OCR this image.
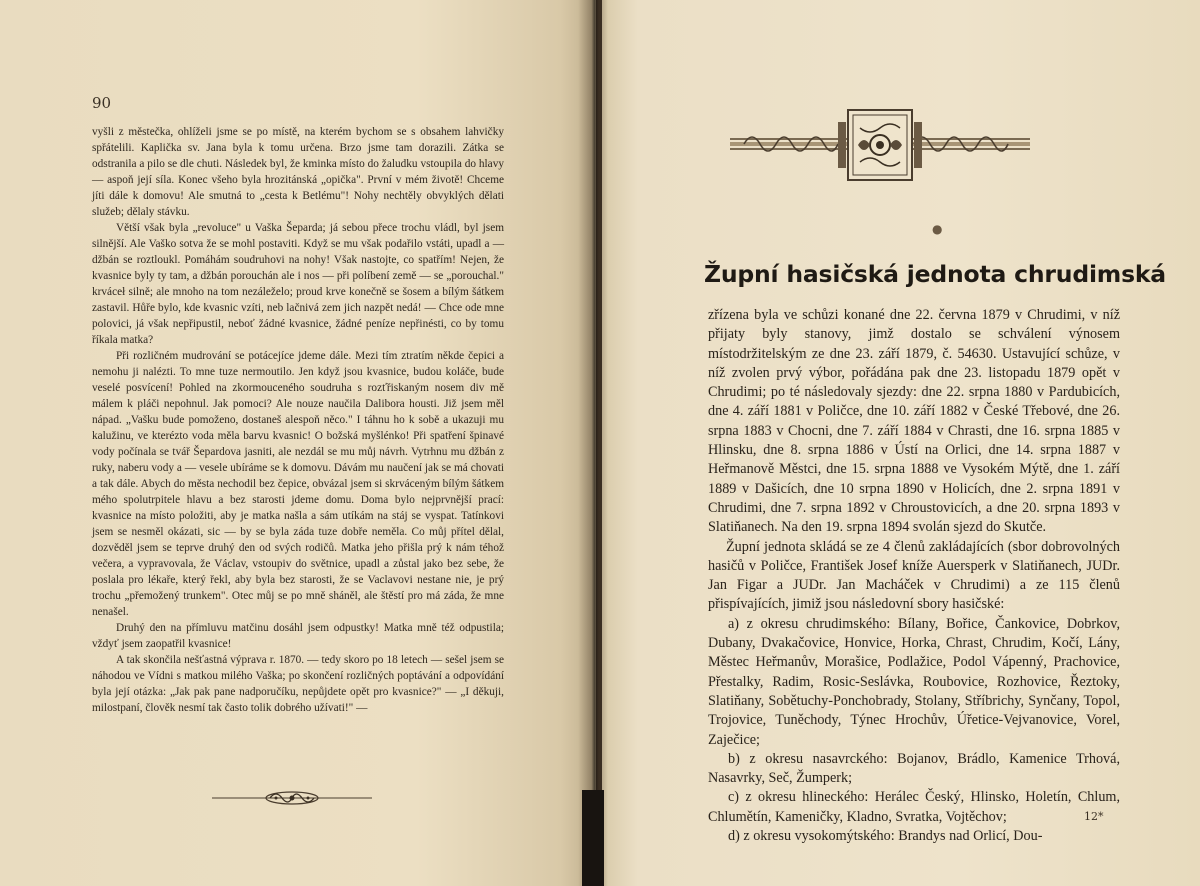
90

vyšli z městečka, ohlíželi jsme se po místě, na kterém bychom se s obsahem lahvičky spřátelili. Kaplička sv. Jana byla k tomu určena. Brzo jsme tam dorazili. Zátka se odstranila a pilo se dle chuti. Následek byl, že kminka místo do žaludku vstoupila do hlavy — aspoň její síla. Konec všeho byla hrozitánská „opička". První v mém životě! Chceme jíti dále k domovu! Ale smutná to „cesta k Betlému"! Nohy nechtěly obvyklých dělati služeb; dělaly stávku.

Větší však byla „revoluce" u Vaška Šeparda; já sebou přece trochu vládl, byl jsem silnější. Ale Vaško sotva že se mohl postaviti. Když se mu však podařilo vstáti, upadl a — džbán se roztloukl. Pomáhám soudruhovi na nohy! Však nastojte, co spatřím! Nejen, že kvasnice byly ty tam, a džbán porouchán ale i nos — při políbení země — se „porouchal." krváceł silně; ale mnoho na tom nezáleželo; proud krve konečně se šosem a bílým šátkem zastavil. Hůře bylo, kde kvasnic vzíti, neb lačnivá zem jich nazpět nedá! — Chce ode mne polovici, já však nepřipustil, neboť žádné kvasnice, žádné peníze nepřinésti, co by tomu říkala matka?

Při rozličném mudrování se potácejíce jdeme dále. Mezi tím ztratím někde čepici a nemohu ji nalézti. To mne tuze nermoutilo. Jen když jsou kvasnice, budou koláče, bude veselé posvícení! Pohled na zkormouceného soudruha s rozťřiskaným nosem div mě málem k pláči nepohnul. Jak pomoci? Ale nouze naučila Dalibora housti. Již jsem měl nápad. „Vašku bude pomoženo, dostaneš alespoň něco." I táhnu ho k sobě a ukazuji mu kalužinu, ve kterézto voda měla barvu kvasnic! O božská myšlénko! Při spatření špinavé vody počínala se tvář Šepardova jasniti, ale nezdál se mu můj návrh. Vytrhnu mu džbán z ruky, naberu vody a — vesele ubíráme se k domovu. Dávám mu naučení jak se má chovati a tak dále. Abych do města nechodil bez čepice, obvázal jsem si skrváceným bílým šátkem mého spolutrpitele hlavu a bez starosti jdeme domu. Doma bylo nejprvnější prací: kvasnice na místo položiti, aby je matka našla a sám utíkám na stáj se vyspat. Tatínkovi jsem se nesměl okázati, sic — by se byla záda tuze dobře neměla. Co můj přítel dělal, dozvěděl jsem se teprve druhý den od svých rodičů. Matka jeho přišla prý k nám téhož večera, a vypravovala, že Václav, vstoupiv do světnice, upadl a zůstal jako bez sebe, že poslala pro lékaře, který řekl, aby byla bez starosti, že se Vaclavovi nestane nie, je prý trochu „přemožený trunkem". Otec můj se po mně sháněl, ale štěstí pro má záda, že mne nenašel.

Druhý den na přímluvu matčinu dosáhl jsem odpustky! Matka mně též odpustila; vždyť jsem zaopatřil kvasnice!

A tak skončila nešťastná výprava r. 1870. — tedy skoro po 18 letech — sešel jsem se náhodou ve Vídni s matkou milého Vaška; po skončení rozličných poptávání a odpovídání byla její otázka: „Jak pak pane nadporučíku, nepůjdete opět pro kvasnice?" — „I děkuji, milostpaní, člověk nesmí tak často tolik dobrého užívati!" —

●
Župní hasičská jednota chrudimská

zřízena byla ve schůzi konané dne 22. června 1879 v Chrudimi, v níž přijaty byly stanovy, jimž dostalo se schválení výnosem místodržitelským ze dne 23. září 1879, č. 54630. Ustavující schůze, v níž zvolen prvý výbor, pořádána pak dne 23. listopadu 1879 opět v Chrudimi; po té následovaly sjezdy: dne 22. srpna 1880 v Pardubicích, dne 4. září 1881 v Poličce, dne 10. září 1882 v České Třebové, dne 26. srpna 1883 v Chocni, dne 7. září 1884 v Chrasti, dne 16. srpna 1885 v Hlinsku, dne 8. srpna 1886 v Ústí na Orlici, dne 14. srpna 1887 v Heřmanově Městci, dne 15. srpna 1888 ve Vysokém Mýtě, dne 1. září 1889 v Dašicích, dne 10 srpna 1890 v Holicích, dne 2. srpna 1891 v Chrudimi, dne 7. srpna 1892 v Chroustovicích, a dne 20. srpna 1893 v Slatiňanech. Na den 19. srpna 1894 svolán sjezd do Skutče.

Župní jednota skládá se ze 4 členů zakládajících (sbor dobrovolných hasičů v Poličce, František Josef kníže Auersperk v Slatiňanech, JUDr. Jan Figar a JUDr. Jan Macháček v Chrudimi) a ze 115 členů přispívajících, jimiž jsou následovní sbory hasičské:

a) z okresu chrudimského: Bílany, Bořice, Čankovice, Dobrkov, Dubany, Dvakačovice, Honvice, Horka, Chrast, Chrudim, Kočí, Lány, Městec Heřmanův, Morašice, Podlažice, Podol Vápenný, Prachovice, Přestalky, Radim, Rosic-Seslávka, Roubovice, Rozhovice, Řeztoky, Slatiňany, Sobětuchy-Ponchobrady, Stolany, Stříbrichy, Synčany, Topol, Trojovice, Tuněchody, Týnec Hrochův, Úřetice-Vejvanovice, Vorel, Zaječice;

b) z okresu nasavrckého: Bojanov, Brádlo, Kamenice Trhová, Nasavrky, Seč, Žumperk;

c) z okresu hlineckého: Herálec Český, Hlinsko, Holetín, Chlum, Chlumětín, Kameničky, Kladno, Svratka, Vojtěchov;

d) z okresu vysokomýtského: Brandys nad Orlicí, Dou-

12*
